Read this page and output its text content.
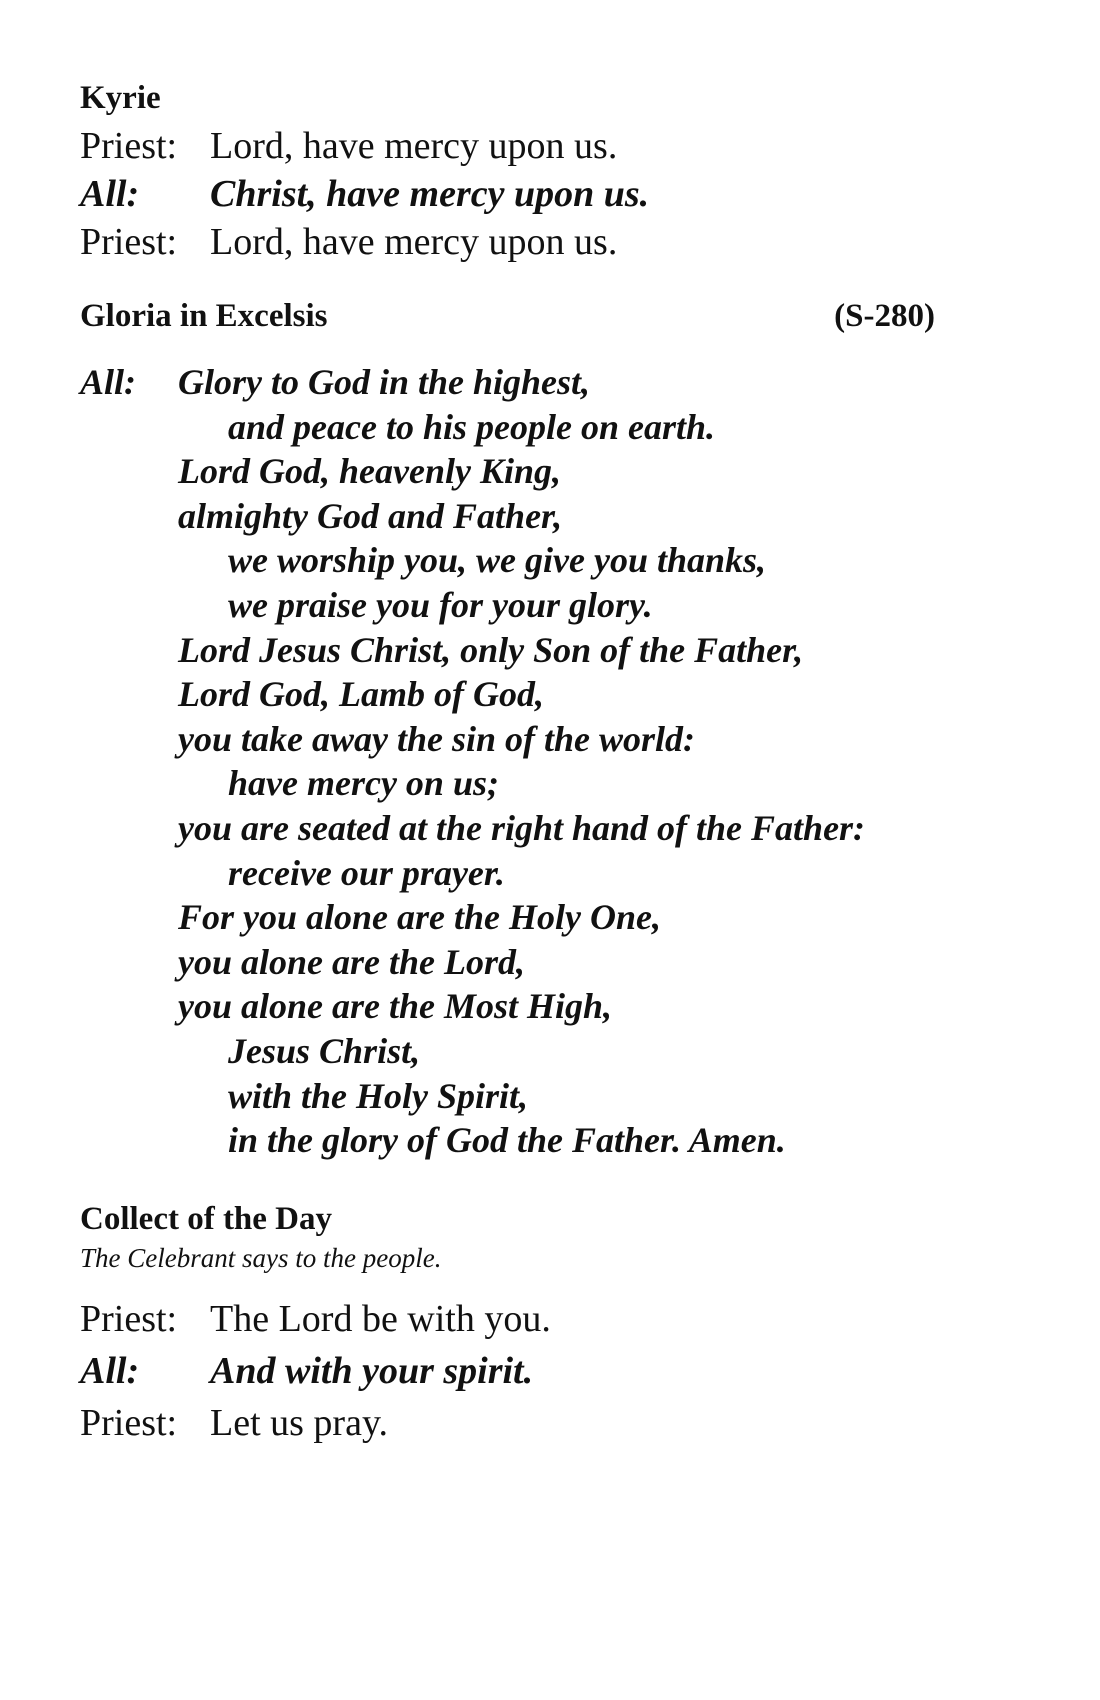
Kyrie
Priest: Lord, have mercy upon us.
All:	Christ, have mercy upon us.
Priest: Lord, have mercy upon us.
Gloria in Excelsis	(S-280)
All:	Glory to God in the highest,
and peace to his people on earth.
Lord God, heavenly King,
almighty God and Father,
we worship you, we give you thanks,
we praise you for your glory.
Lord Jesus Christ, only Son of the Father,
Lord God, Lamb of God,
you take away the sin of the world:
have mercy on us;
you are seated at the right hand of the Father:
receive our prayer.
For you alone are the Holy One,
you alone are the Lord,
you alone are the Most High,
Jesus Christ,
with the Holy Spirit,
in the glory of God the Father. Amen.
Collect of the Day
The Celebrant says to the people.
Priest: The Lord be with you.
All:	And with your spirit.
Priest: Let us pray.
